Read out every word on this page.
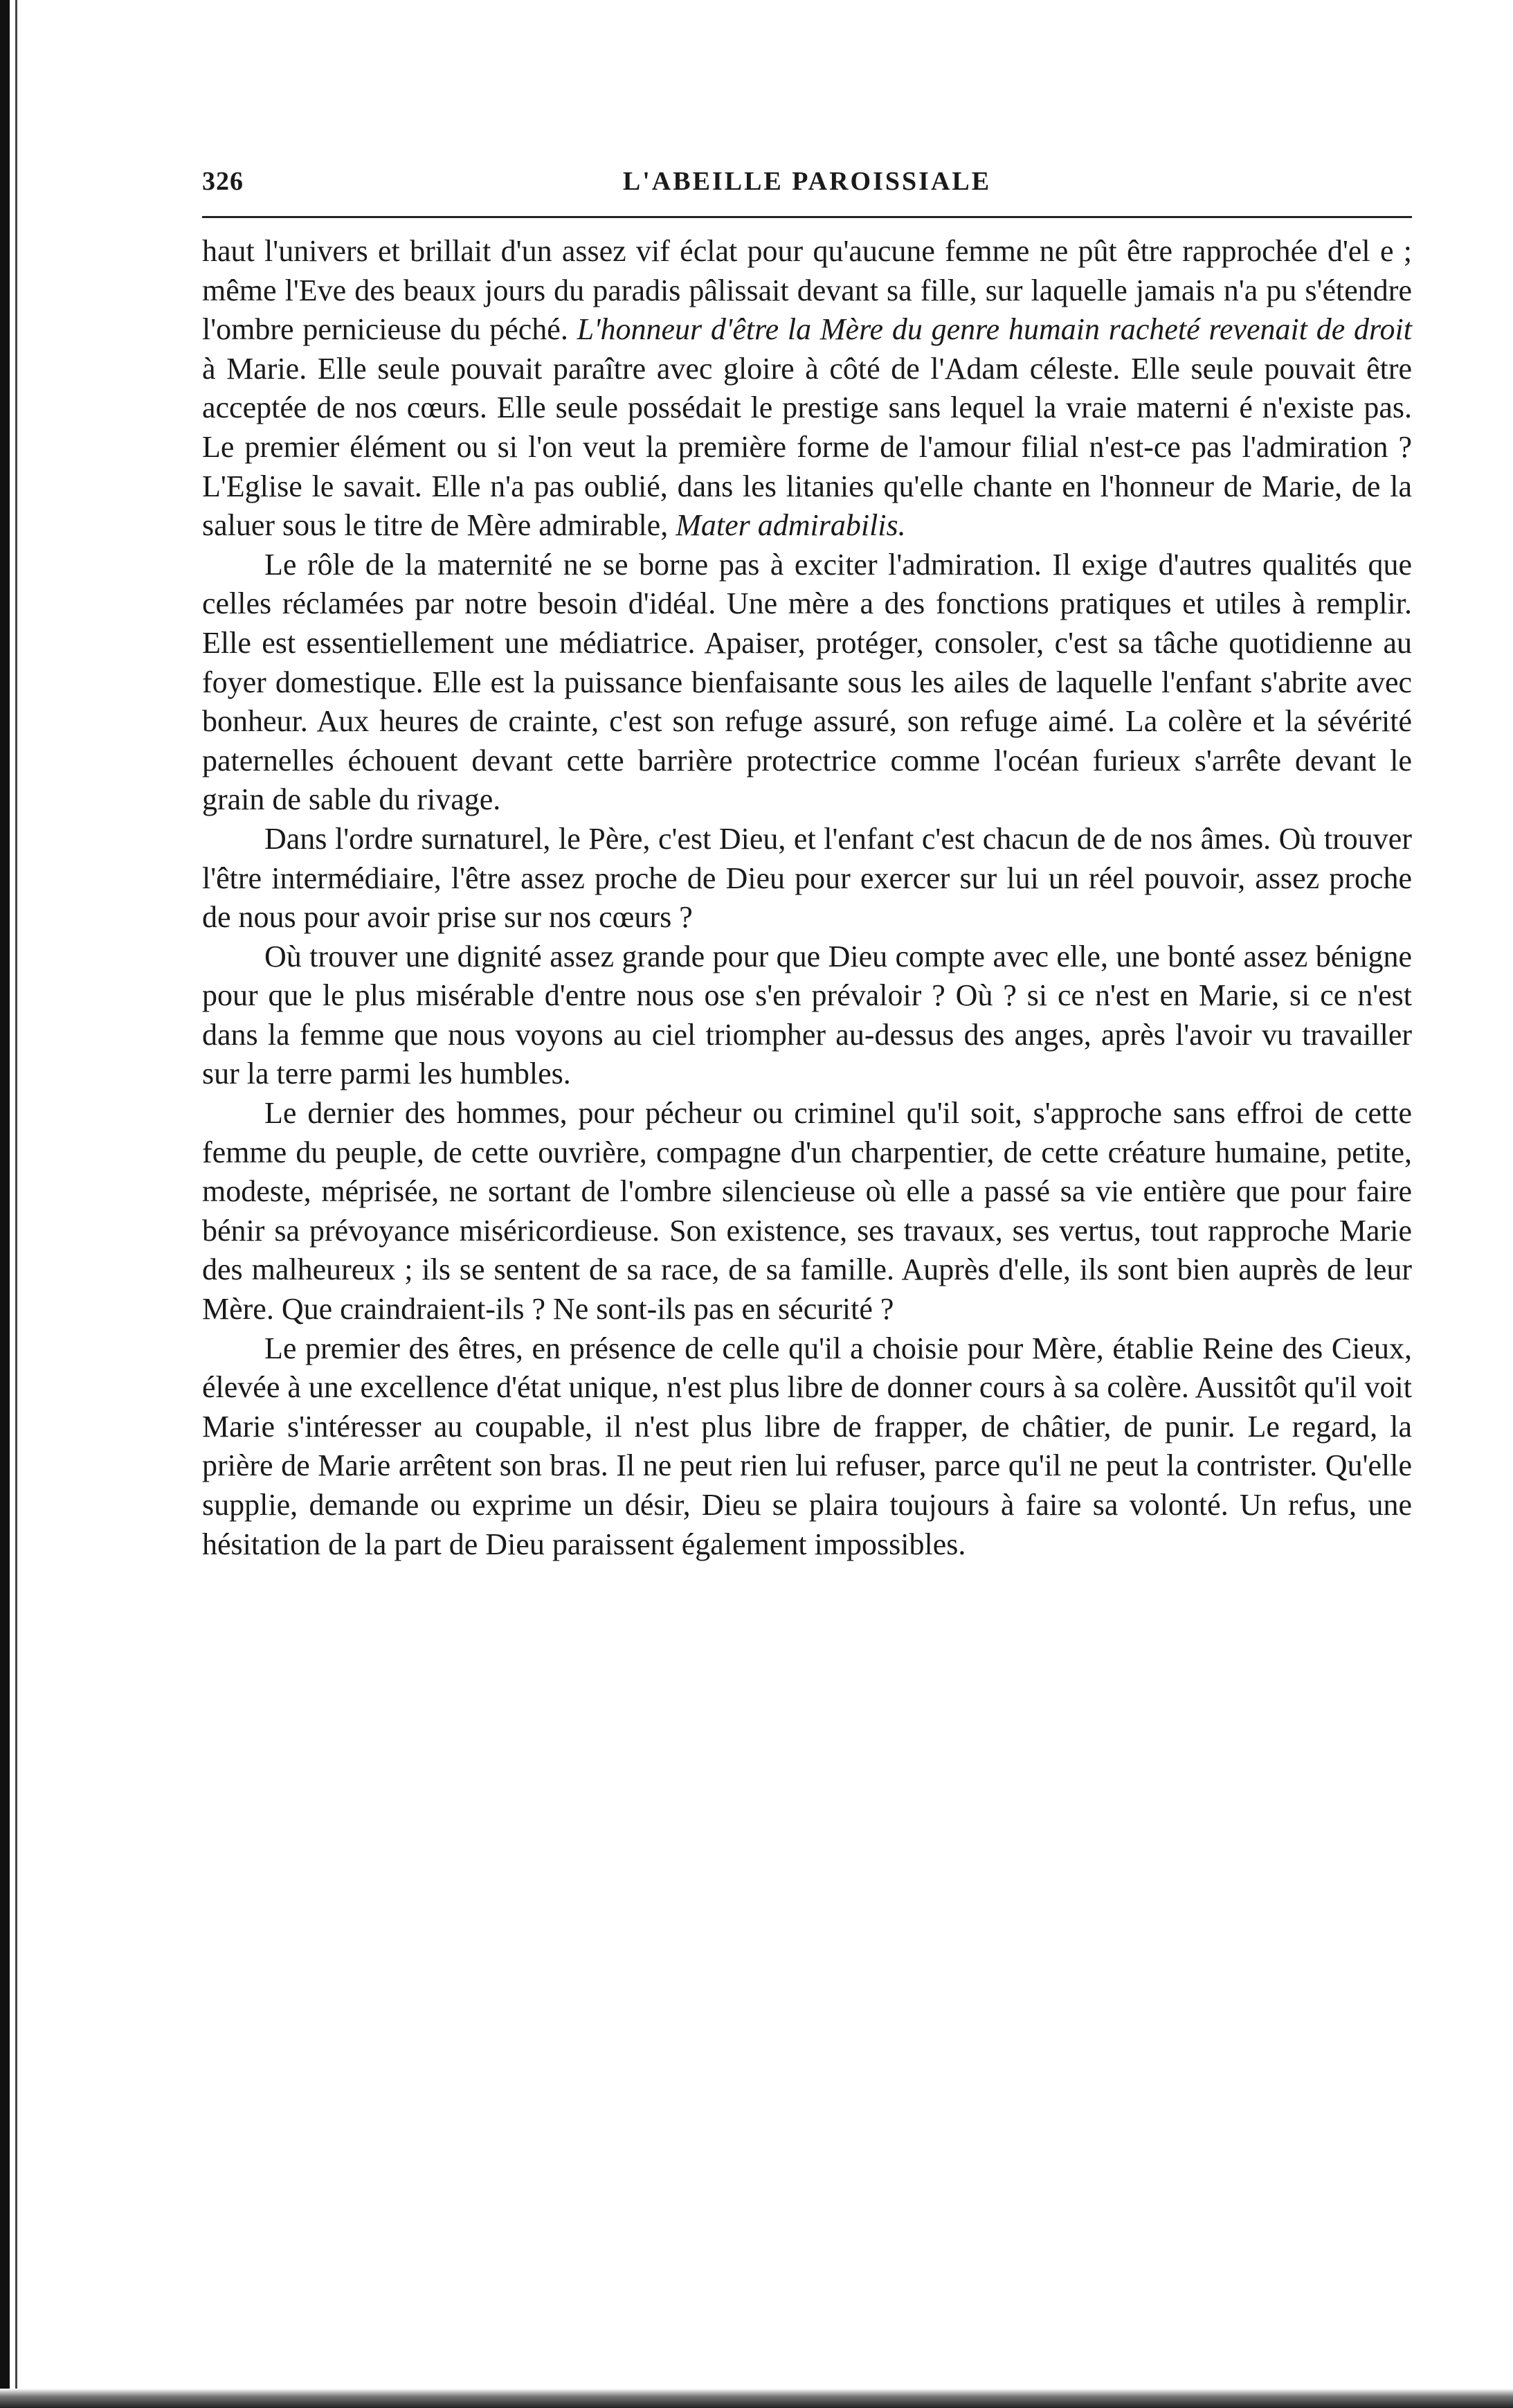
326	L'ABEILLE PAROISSIALE

haut l'univers et brillait d'un assez vif éclat pour qu'aucune femme ne pût être rapprochée d'el e ; même l'Eve des beaux jours du paradis pâlissait devant sa fille, sur laquelle jamais n'a pu s'étendre l'ombre pernicieuse du péché. L'honneur d'être la Mère du genre humain racheté revenait de droit à Marie. Elle seule pouvait paraître avec gloire à côté de l'Adam céleste. Elle seule pouvait être acceptée de nos cœurs. Elle seule possédait le prestige sans lequel la vraie materni é n'existe pas. Le premier élément ou si l'on veut la première forme de l'amour filial n'est-ce pas l'admiration ? L'Eglise le savait. Elle n'a pas oublié, dans les litanies qu'elle chante en l'honneur de Marie, de la saluer sous le titre de Mère admirable, Mater admirabilis.

Le rôle de la maternité ne se borne pas à exciter l'admiration. Il exige d'autres qualités que celles réclamées par notre besoin d'idéal. Une mère a des fonctions pratiques et utiles à remplir. Elle est essentiellement une médiatrice. Apaiser, protéger, consoler, c'est sa tâche quotidienne au foyer domestique. Elle est la puissance bienfaisante sous les ailes de laquelle l'enfant s'abrite avec bonheur. Aux heures de crainte, c'est son refuge assuré, son refuge aimé. La colère et la sévérité paternelles échouent devant cette barrière protectrice comme l'océan furieux s'arrête devant le grain de sable du rivage.

Dans l'ordre surnaturel, le Père, c'est Dieu, et l'enfant c'est chacun de de nos âmes. Où trouver l'être intermédiaire, l'être assez proche de Dieu pour exercer sur lui un réel pouvoir, assez proche de nous pour avoir prise sur nos cœurs ?

Où trouver une dignité assez grande pour que Dieu compte avec elle, une bonté assez bénigne pour que le plus misérable d'entre nous ose s'en prévaloir ? Où ? si ce n'est en Marie, si ce n'est dans la femme que nous voyons au ciel triompher au-dessus des anges, après l'avoir vu travailler sur la terre parmi les humbles.

Le dernier des hommes, pour pécheur ou criminel qu'il soit, s'approche sans effroi de cette femme du peuple, de cette ouvrière, compagne d'un charpentier, de cette créature humaine, petite, modeste, méprisée, ne sortant de l'ombre silencieuse où elle a passé sa vie entière que pour faire bénir sa prévoyance miséricordieuse. Son existence, ses travaux, ses vertus, tout rapproche Marie des malheureux ; ils se sentent de sa race, de sa famille. Auprès d'elle, ils sont bien auprès de leur Mère. Que craindraient-ils ? Ne sont-ils pas en sécurité ?

Le premier des êtres, en présence de celle qu'il a choisie pour Mère, établie Reine des Cieux, élevée à une excellence d'état unique, n'est plus libre de donner cours à sa colère. Aussitôt qu'il voit Marie s'intéresser au coupable, il n'est plus libre de frapper, de châtier, de punir. Le regard, la prière de Marie arrêtent son bras. Il ne peut rien lui refuser, parce qu'il ne peut la contrister. Qu'elle supplie, demande ou exprime un désir, Dieu se plaira toujours à faire sa volonté. Un refus, une hésitation de la part de Dieu paraissent également impossibles.
